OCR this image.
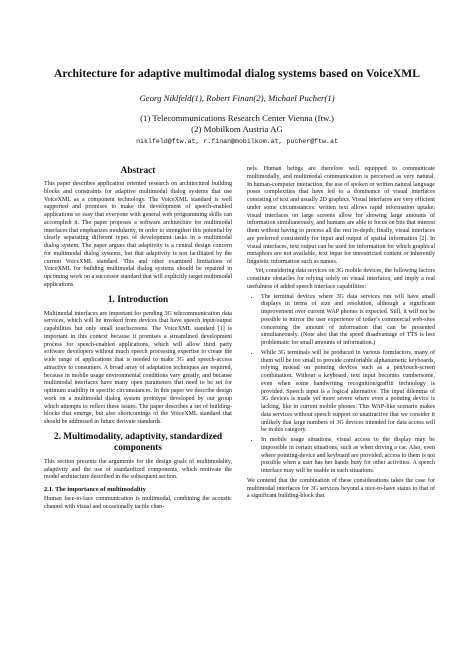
Architecture for adaptive multimodal dialog systems based on VoiceXML
Georg Niklfeld(1), Robert Finan(2), Michael Pucher(1)
(1) Telecommunications Research Center Vienna (ftw.)
(2) Mobilkom Austria AG
niklfeld@ftw.at, r.finan@mobilkom.at, pucher@ftw.at
Abstract

This paper describes application oriented research on architectural building blocks and constraints for adaptive multimodal dialog systems that use VoiceXML as a component technology. The VoiceXML standard is well supported and promises to make the development of speech-enabled applications so easy that everyone with general web programming skills can accomplish it. The paper proposes a software architecture for multimodal interfaces that emphasizes modularity, in order to strengthen this potential by clearly separating different types of development tasks in a multimodal dialog system. The paper argues that adaptivity is a central design concern for multimodal dialog systems, but that adaptivity is not facilitated by the current VoiceXML standard. This and other examined limitations of VoiceXML for building multimodal dialog systems should be repaired in upcoming work on a successor standard that will explicitly target multimodal applications.

1. Introduction

Multimodal interfaces are important for pending 3G telecommunication data services, which will be invoked from devices that have speech input/output capabilities but only small touchscreens. The VoiceXML standard [1] is important in this context because it promises a streamlined development process for speech-enabled applications, which will allow third party software developers without much speech processing expertise to create the wide range of applications that is needed to make 3G and speech-access attractive to consumers. A broad array of adaptation techniques are required, because in mobile usage environmental conditions vary greatly, and because multimodal interfaces have many open parameters that need to be set for optimum usability in specific circumstances. In this paper we describe design work on a multimodal dialog system prototype developed by our group which attempts to reflect these issues. The paper describes a set of building-blocks that emerge, but also shortcomings of the VoiceXML standard that should be addressed in future derivate standards.

2. Multimodality, adaptivity, standardized components

This section presents the arguments for the design goals of multimodality, adaptivity and the use of standardized components, which motivate the model architecture described in the subsequent section.

2.1. The importance of multimodality

Human face-to-face communication is multimodal, combining the acoustic channel with visual and occasionally tactile chan-

nels. Human beings are therefore well equipped to communicate multimodally, and multimodal communication is perceived as very natural. In human-computer interaction, the use of spoken or written natural language poses complexities that have led to a dominance of visual interfaces consisting of text and usually 2D graphics. Visual interfaces are very efficient under some circumstances: written text allows rapid information uptake; visual interfaces on large screens allow for showing large amounts of information simultaneously, and humans are able to focus on bits that interest them without having to process all the rest in-depth; finally, visual interfaces are preferred consistently for input and output of spatial information [2]. In visual interfaces, text output can be used for information for which graphical metaphors are not available, text input for unrestricted content or inherently linguistic information such as names.

Yet, considering data services on 3G mobile devices, the following factors constitute obstacles for relying solely on visual interfaces, and imply a real usefulness of added speech interface capabilities:

• The terminal devices where 3G data services run will have small displays in terms of size and resolution, although a significant improvement over current WAP phones is expected. Still, it will not be possible to mirror the user experience of today's commercial web-sites concerning the amount of information that can be presented simultaneously. (Note also that the speed disadvantage of TTS is less problematic for small amounts of information.)
• While 3G terminals will be produced in various formfactors, many of them will be too small to provide comfortable alphanumeric keyboards, relying instead on pointing devices such as a pen/touch-screen combination. Without a keyboard, text input becomes cumbersome, even when some handwriting recognition/graffiti technology is provided. Speech input is a logical alternative. The input dilemma of 3G devices is made yet more severe where even a pointing device is lacking, like in current mobile phones. This WAP-like scenario makes data services without speech support so unattractive that we consider it unlikely that large numbers of 3G devices intended for data access will be in this category.
• In mobile usage situations, visual access to the display may be impossible in certain situations, such as when driving a car. Also, even where pointing-device and keyboard are provided, access to them is not possible when a user has her hands busy for other activities. A speech interface may will be usable in such situations.

We contend that the combination of these considerations takes the case for multimodal interfaces for 3G services beyond a nice-to-have status to that of a significant building-block that
